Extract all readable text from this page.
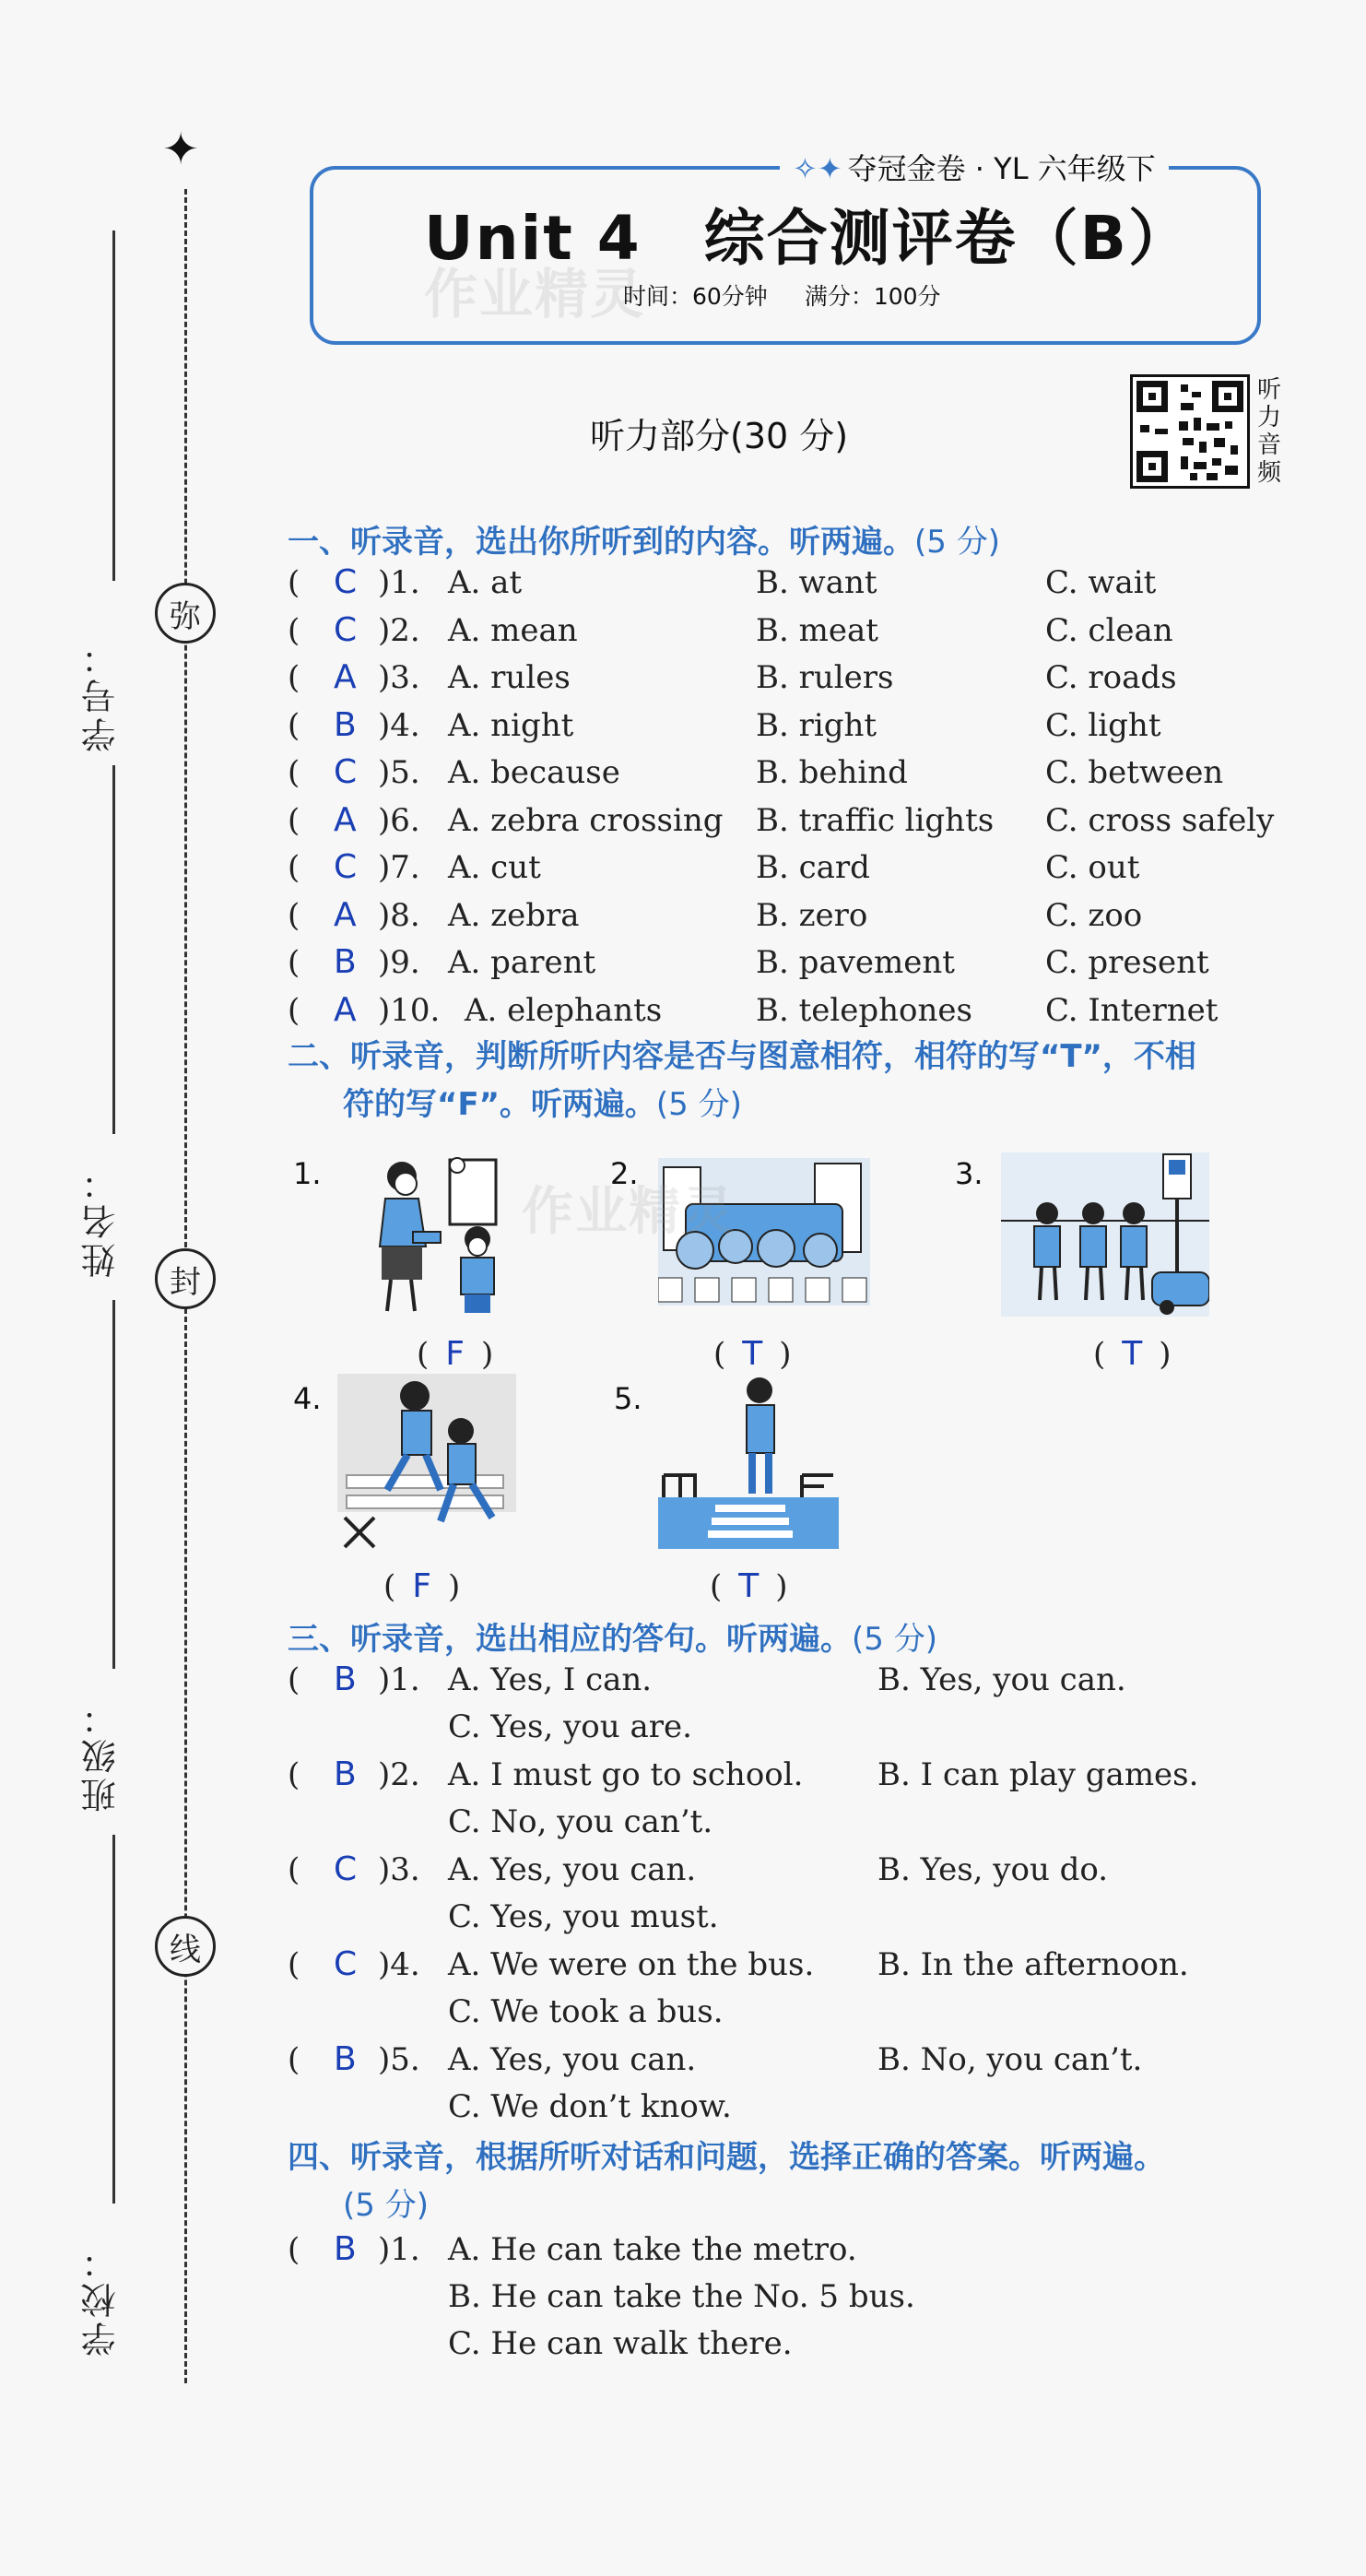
✦
弥
封
线
学号：
姓名：
班级：
学校：
✧✦ 夺冠金卷 · YL 六年级下
Unit 4　综合测评卷（B）
作业精灵
时间：60分钟 满分：100分
听力部分(30 分)
听力音频
一、听录音，选出你所听到的内容。听两遍。(5 分)
( C )1. A. at	B. want	C. wait
( C )2. A. mean	B. meat	C. clean
( A )3. A. rules	B. rulers	C. roads
( B )4. A. night	B. right	C. light
( C )5. A. because	B. behind	C. between
( A )6. A. zebra crossing B. traffic lights C. cross safely
( C )7. A. cut	B. card	C. out
( A )8. A. zebra	B. zero	C. zoo
( B )9. A. parent	B. pavement	C. present
( A )10. A. elephants	B. telephones C. Internet
二、听录音，判断所听内容是否与图意相符，相符的写“T”，不相
符的写“F”。听两遍。(5 分)
1.
( F )
2.
作业精灵
( T )
3.
( T )
4.
( F )
5.
( T )
三、听录音，选出相应的答句。听两遍。(5 分)
( B )1. A. Yes, I can.	B. Yes, you can.
C. Yes, you are.
( B )2. A. I must go to school. B. I can play games.
C. No, you can’t.
( C )3. A. Yes, you can.	B. Yes, you do.
C. Yes, you must.
( C )4. A. We were on the bus. B. In the afternoon.
C. We took a bus.
( B )5. A. Yes, you can.	B. No, you can’t.
C. We don’t know.
四、听录音，根据所听对话和问题，选择正确的答案。听两遍。
(5 分)
( B )1. A. He can take the metro.
B. He can take the No. 5 bus.
C. He can walk there.
